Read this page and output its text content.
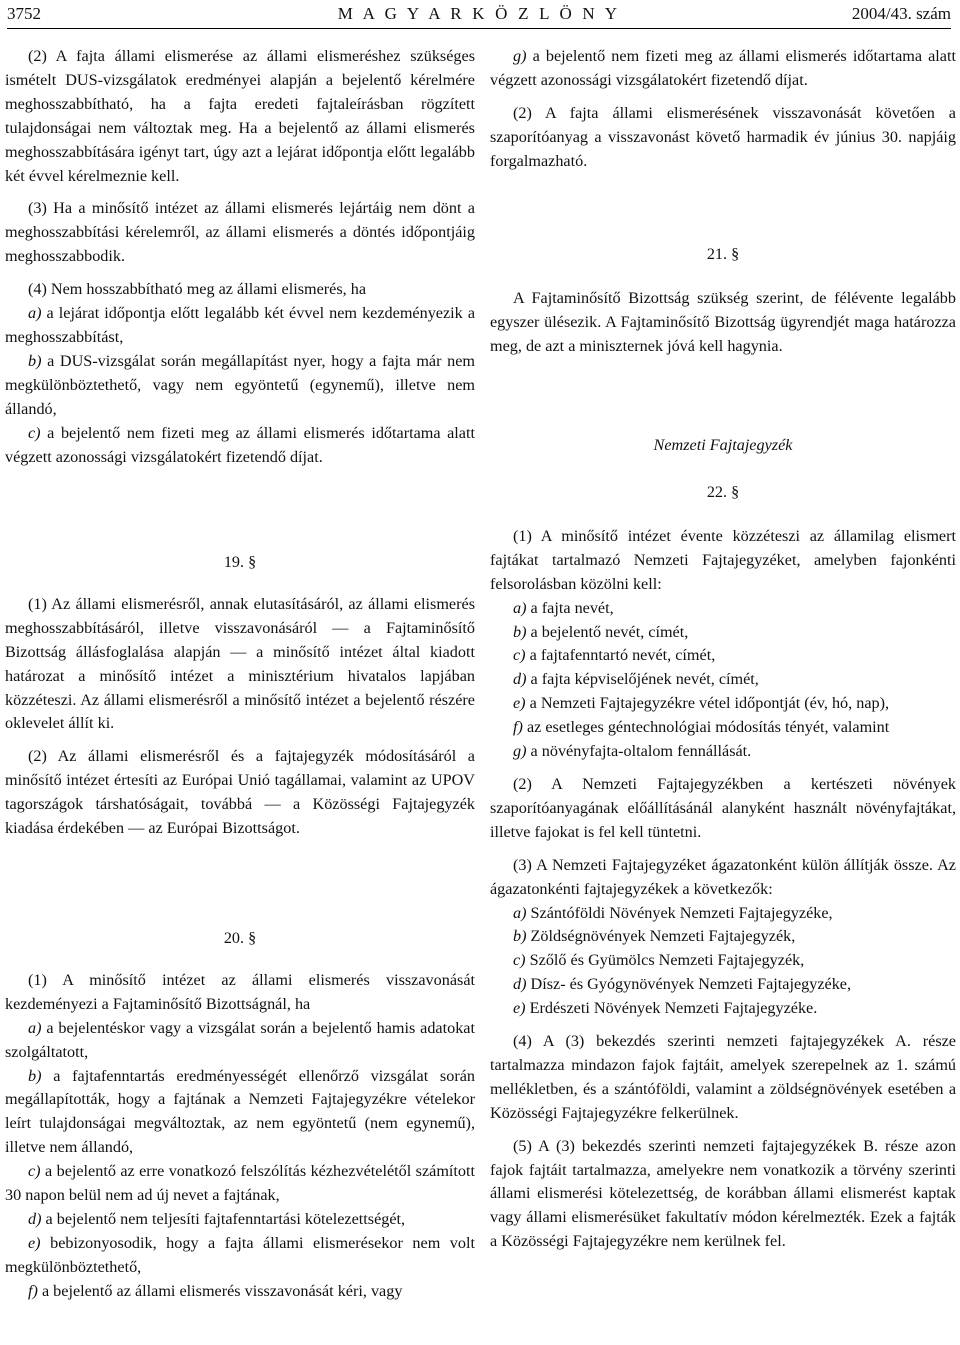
3752	M A G Y A R K Ö Z L Ö N Y	2004/43. szám

(2) A fajta állami elismerése az állami elismeréshez szükséges ismételt DUS-vizsgálatok eredményei alapján a bejelentő kérelmére meghosszabbítható, ha a fajta eredeti fajtaleírásban rögzített tulajdonságai nem változtak meg. Ha a bejelentő az állami elismerés meghosszabbítására igényt tart, úgy azt a lejárat időpontja előtt legalább két évvel kérelmeznie kell.

(3) Ha a minősítő intézet az állami elismerés lejártáig nem dönt a meghosszabbítási kérelemről, az állami elismerés a döntés időpontjáig meghosszabbodik.

(4) Nem hosszabbítható meg az állami elismerés, ha

a) a lejárat időpontja előtt legalább két évvel nem kezdeményezik a meghosszabbítást,

b) a DUS-vizsgálat során megállapítást nyer, hogy a fajta már nem megkülönböztethető, vagy nem egyöntetű (egynemű), illetve nem állandó,

c) a bejelentő nem fizeti meg az állami elismerés időtartama alatt végzett azonossági vizsgálatokért fizetendő díjat.

19. §

(1) Az állami elismerésről, annak elutasításáról, az állami elismerés meghosszabbításáról, illetve visszavonásáról — a Fajtaminősítő Bizottság állásfoglalása alapján — a minősítő intézet által kiadott határozat a minősítő intézet a minisztérium hivatalos lapjában közzéteszi. Az állami elismerésről a minősítő intézet a bejelentő részére oklevelet állít ki.

(2) Az állami elismerésről és a fajtajegyzék módosításáról a minősítő intézet értesíti az Európai Unió tagállamai, valamint az UPOV tagországok társhatóságait, továbbá — a Közösségi Fajtajegyzék kiadása érdekében — az Európai Bizottságot.

20. §

(1) A minősítő intézet az állami elismerés visszavonását kezdeményezi a Fajtaminősítő Bizottságnál, ha

a) a bejelentéskor vagy a vizsgálat során a bejelentő hamis adatokat szolgáltatott,

b) a fajtafenntartás eredményességét ellenőrző vizsgálat során megállapították, hogy a fajtának a Nemzeti Fajtajegyzékre vételekor leírt tulajdonságai megváltoztak, az nem egyöntetű (nem egynemű), illetve nem állandó,

c) a bejelentő az erre vonatkozó felszólítás kézhezvételétől számított 30 napon belül nem ad új nevet a fajtának,

d) a bejelentő nem teljesíti fajtafenntartási kötelezettségét,

e) bebizonyosodik, hogy a fajta állami elismerésekor nem volt megkülönböztethető,

f) a bejelentő az állami elismerés visszavonását kéri, vagy

g) a bejelentő nem fizeti meg az állami elismerés időtartama alatt végzett azonossági vizsgálatokért fizetendő díjat.

(2) A fajta állami elismerésének visszavonását követően a szaporítóanyag a visszavonást követő harmadik év június 30. napjáig forgalmazható.

21. §

A Fajtaminősítő Bizottság szükség szerint, de félévente legalább egyszer ülésezik. A Fajtaminősítő Bizottság ügyrendjét maga határozza meg, de azt a miniszternek jóvá kell hagynia.

Nemzeti Fajtajegyzék

22. §

(1) A minősítő intézet évente közzéteszi az államilag elismert fajtákat tartalmazó Nemzeti Fajtajegyzéket, amelyben fajonkénti felsorolásban közölni kell:

a) a fajta nevét,

b) a bejelentő nevét, címét,

c) a fajtafenntartó nevét, címét,

d) a fajta képviselőjének nevét, címét,

e) a Nemzeti Fajtajegyzékre vétel időpontját (év, hó, nap),

f) az esetleges géntechnológiai módosítás tényét, valamint

g) a növényfajta-oltalom fennállását.

(2) A Nemzeti Fajtajegyzékben a kertészeti növények szaporítóanyagának előállításánál alanyként használt növényfajtákat, illetve fajokat is fel kell tüntetni.

(3) A Nemzeti Fajtajegyzéket ágazatonként külön állítják össze. Az ágazatonkénti fajtajegyzékek a következők:

a) Szántóföldi Növények Nemzeti Fajtajegyzéke,

b) Zöldségnövények Nemzeti Fajtajegyzék,

c) Szőlő és Gyümölcs Nemzeti Fajtajegyzék,

d) Dísz- és Gyógynövények Nemzeti Fajtajegyzéke,

e) Erdészeti Növények Nemzeti Fajtajegyzéke.

(4) A (3) bekezdés szerinti nemzeti fajtajegyzékek A. része tartalmazza mindazon fajok fajtáit, amelyek szerepelnek az 1. számú mellékletben, és a szántóföldi, valamint a zöldségnövények esetében a Közösségi Fajtajegyzékre felkerülnek.

(5) A (3) bekezdés szerinti nemzeti fajtajegyzékek B. része azon fajok fajtáit tartalmazza, amelyekre nem vonatkozik a törvény szerinti állami elismerési kötelezettség, de korábban állami elismerést kaptak vagy állami elismerésüket fakultatív módon kérelmezték. Ezek a fajták a Közösségi Fajtajegyzékre nem kerülnek fel.
